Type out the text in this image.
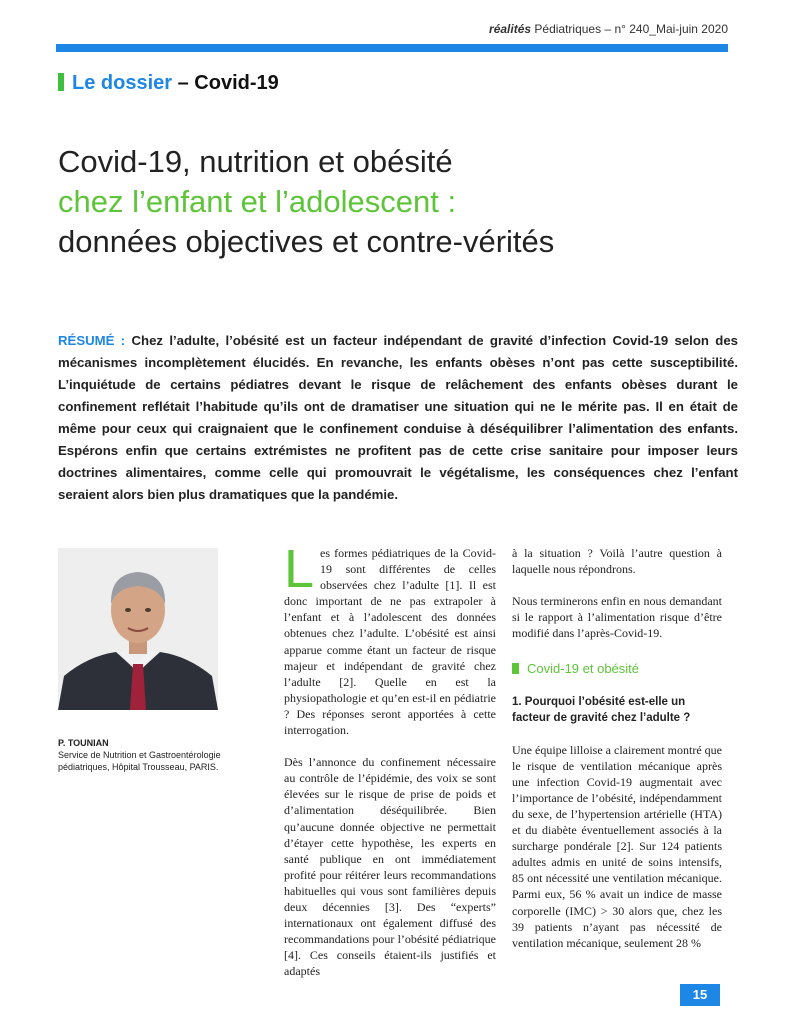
réalités Pédiatriques – n° 240_Mai-juin 2020
Le dossier – Covid-19
Covid-19, nutrition et obésité
chez l’enfant et l’adolescent :
données objectives et contre-vérités
RÉSUMÉ : Chez l’adulte, l’obésité est un facteur indépendant de gravité d’infection Covid-19 selon des mécanismes incomplètement élucidés. En revanche, les enfants obèses n’ont pas cette susceptibilité. L’inquiétude de certains pédiatres devant le risque de relâchement des enfants obèses durant le confinement reflétait l’habitude qu’ils ont de dramatiser une situation qui ne le mérite pas. Il en était de même pour ceux qui craignaient que le confinement conduise à déséquilibrer l’alimentation des enfants. Espérons enfin que certains extrémistes ne profitent pas de cette crise sanitaire pour imposer leurs doctrines alimentaires, comme celle qui promouvrait le végétalisme, les conséquences chez l’enfant seraient alors bien plus dramatiques que la pandémie.
P. TOUNIAN
Service de Nutrition et Gastroentérologie pédiatriques, Hôpital Trousseau, PARIS.

Les formes pédiatriques de la Covid-19 sont différentes de celles observées chez l’adulte [1]. Il est donc important de ne pas extrapoler à l’enfant et à l’adolescent des données obtenues chez l’adulte. L’obésité est ainsi apparue comme étant un facteur de risque majeur et indépendant de gravité chez l’adulte [2]. Quelle en est la physiopathologie et qu’en est-il en pédiatrie ? Des réponses seront apportées à cette interrogation.

Dès l’annonce du confinement nécessaire au contrôle de l’épidémie, des voix se sont élevées sur le risque de prise de poids et d’alimentation déséquilibrée. Bien qu’aucune donnée objective ne permettait d’étayer cette hypothèse, les experts en santé publique en ont immédiatement profité pour réitérer leurs recommandations habituelles qui vous sont familières depuis deux décennies [3]. Des “experts” internationaux ont également diffusé des recommandations pour l’obésité pédiatrique [4]. Ces conseils étaient-ils justifiés et adaptés

à la situation ? Voilà l’autre question à laquelle nous répondrons.

Nous terminerons enfin en nous demandant si le rapport à l’alimentation risque d’être modifié dans l’après-Covid-19.

Covid-19 et obésité
1. Pourquoi l’obésité est-elle un facteur de gravité chez l’adulte ?

Une équipe lilloise a clairement montré que le risque de ventilation mécanique après une infection Covid-19 augmentait avec l’importance de l’obésité, indépendamment du sexe, de l’hypertension artérielle (HTA) et du diabète éventuellement associés à la surcharge pondérale [2]. Sur 124 patients adultes admis en unité de soins intensifs, 85 ont nécessité une ventilation mécanique. Parmi eux, 56 % avait un indice de masse corporelle (IMC) > 30 alors que, chez les 39 patients n’ayant pas nécessité de ventilation mécanique, seulement 28 %

15
